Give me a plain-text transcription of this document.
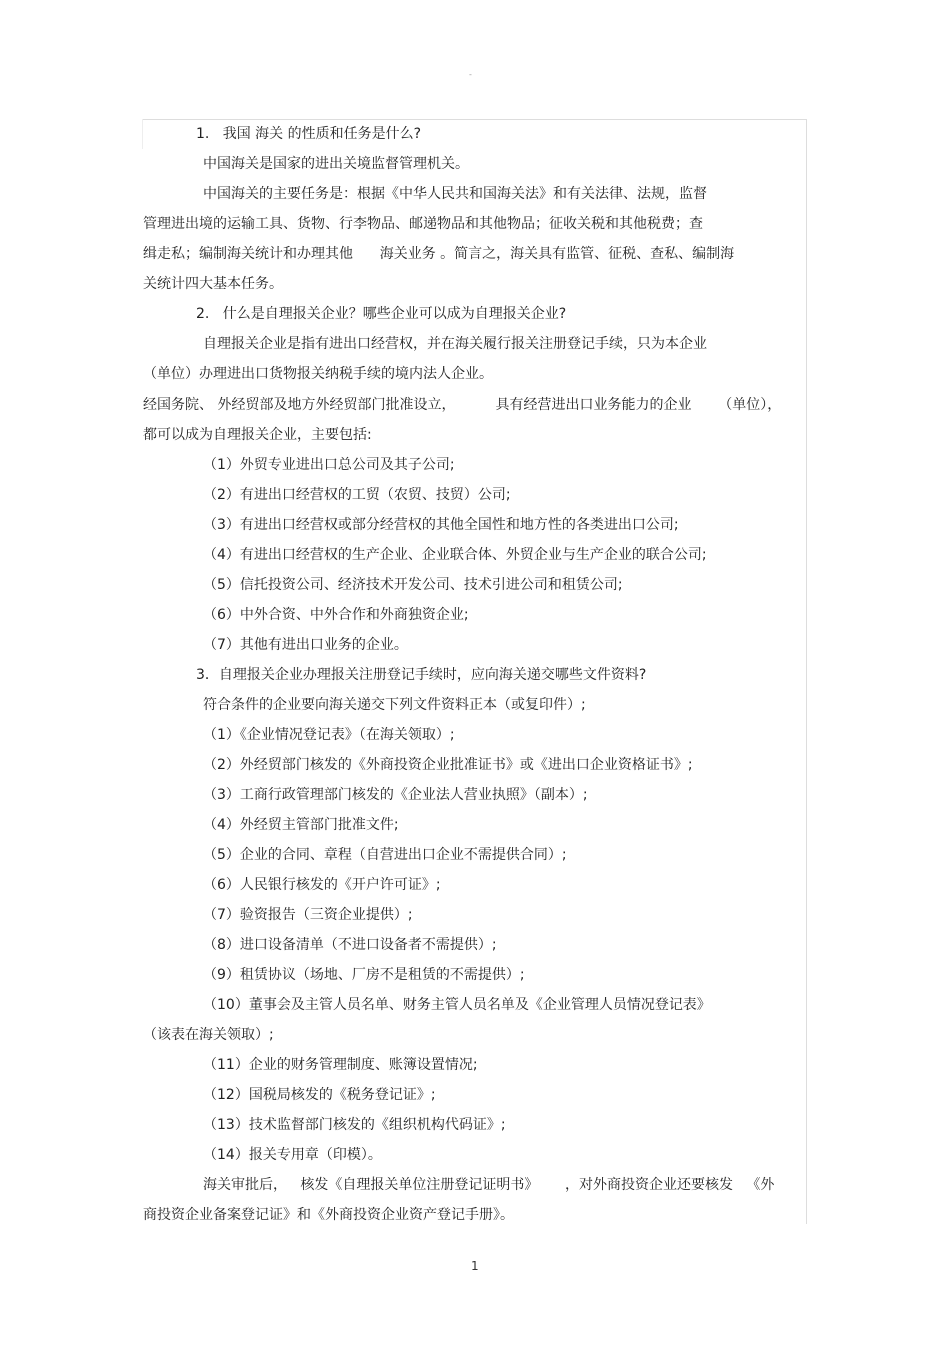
-

1.   我国 海关 的性质和任务是什么?

中国海关是国家的进出关境监督管理机关。

中国海关的主要任务是：根据《中华人民共和国海关法》和有关法律、法规，监督

管理进出境的运输工具、货物、行李物品、邮递物品和其他物品；征收关税和其他税费；查

缉走私；编制海关统计和办理其他      海关业务 。简言之，海关具有监管、征税、查私、编制海

关统计四大基本任务。

2.   什么是自理报关企业？哪些企业可以成为自理报关企业?

自理报关企业是指有进出口经营权，并在海关履行报关注册登记手续，只为本企业

（单位）办理进出口货物报关纳税手续的境内法人企业。

经国务院、 外经贸部及地方外经贸部门批准设立，         具有经营进出口业务能力的企业      （单位），

都可以成为自理报关企业，主要包括:

（1）外贸专业进出口总公司及其子公司;

（2）有进出口经营权的工贸（农贸、技贸）公司;

（3）有进出口经营权或部分经营权的其他全国性和地方性的各类进出口公司;

（4）有进出口经营权的生产企业、企业联合体、外贸企业与生产企业的联合公司;

（5）信托投资公司、经济技术开发公司、技术引进公司和租赁公司;

（6）中外合资、中外合作和外商独资企业;

（7）其他有进出口业务的企业。

3．自理报关企业办理报关注册登记手续时，应向海关递交哪些文件资料?

符合条件的企业要向海关递交下列文件资料正本（或复印件）;

（1）《企业情况登记表》（在海关领取）;

（2）外经贸部门核发的《外商投资企业批准证书》或《进出口企业资格证书》;

（3）工商行政管理部门核发的《企业法人营业执照》（副本）;

（4）外经贸主管部门批准文件;

（5）企业的合同、章程（自营进出口企业不需提供合同）;

（6）人民银行核发的《开户许可证》;

（7）验资报告（三资企业提供）;

（8）进口设备清单（不进口设备者不需提供）;

（9）租赁协议（场地、厂房不是租赁的不需提供）;

（10）董事会及主管人员名单、财务主管人员名单及《企业管理人员情况登记表》

（该表在海关领取）;

（11）企业的财务管理制度、账簿设置情况;

（12）国税局核发的《税务登记证》;

（13）技术监督部门核发的《组织机构代码证》;

（14）报关专用章（印模）。

海关审批后，   核发《自理报关单位注册登记证明书》      ，对外商投资企业还要核发   《外

商投资企业备案登记证》和《外商投资企业资产登记手册》。

1
